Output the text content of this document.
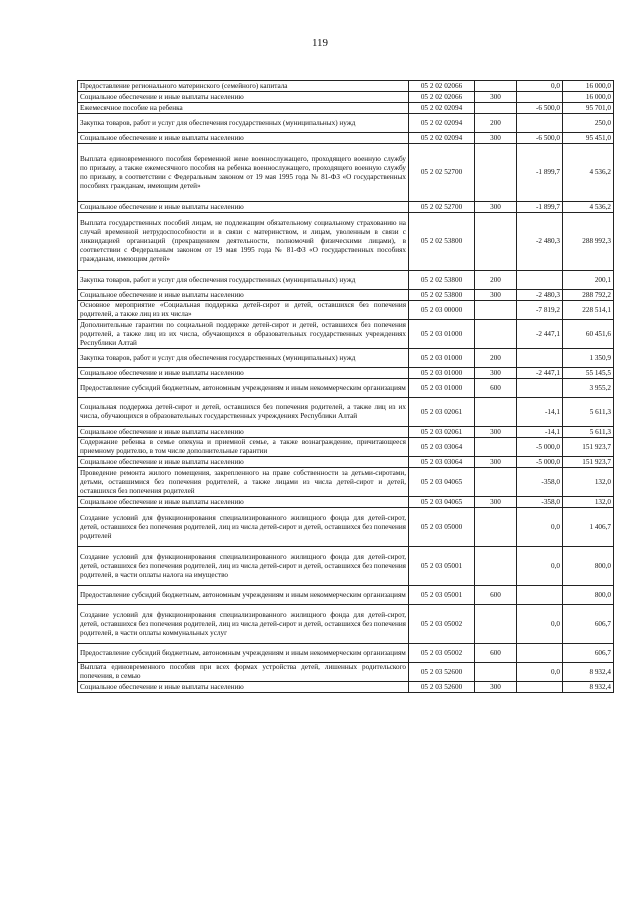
119
Предоставление регионального материнского (семейного) капитала	05 2 02 02066		0,0	16 000,0
Социальное обеспечение и иные выплаты населению	05 2 02 02066	300		16 000,0
Ежемесячное пособие на ребенка	05 2 02 02094		-6 500,0	95 701,0
Закупка товаров, работ и услуг для обеспечения государственных (муниципальных) нужд	05 2 02 02094	200		250,0
Социальное обеспечение и иные выплаты населению	05 2 02 02094	300	-6 500,0	95 451,0
Выплата единовременного пособия беременной жене военнослужащего, проходящего военную службу по призыву, а также ежемесячного пособия на ребенка военнослужащего, проходящего военную службу по призыву, в соответствии с Федеральным законом от 19 мая 1995 года № 81-ФЗ «О государственных пособиях гражданам, имеющим детей»	05 2 02 52700		-1 899,7	4 536,2
Социальное обеспечение и иные выплаты населению	05 2 02 52700	300	-1 899,7	4 536,2
Выплата государственных пособий лицам, не подлежащим обязательному социальному страхованию на случай временной нетрудоспособности и в связи с материнством, и лицам, уволенным в связи с ликвидацией организаций (прекращением деятельности, полномочий физическими лицами), в соответствии с Федеральным законом от 19 мая 1995 года № 81-ФЗ «О государственных пособиях гражданам, имеющим детей»	05 2 02 53800		-2 480,3	288 992,3
Закупка товаров, работ и услуг для обеспечения государственных (муниципальных) нужд	05 2 02 53800	200		200,1
Социальное обеспечение и иные выплаты населению	05 2 02 53800	300	-2 480,3	288 792,2
Основное мероприятие «Социальная поддержка детей-сирот и детей, оставшихся без попечения родителей, а также лиц из их числа»	05 2 03 00000		-7 819,2	228 514,1
Дополнительные гарантии по социальной поддержке детей-сирот и детей, оставшихся без попечения родителей, а также лиц из их числа, обучающихся в образовательных государственных учреждениях Республики Алтай	05 2 03 01000		-2 447,1	60 451,6
Закупка товаров, работ и услуг для обеспечения государственных (муниципальных) нужд	05 2 03 01000	200		1 350,9
Социальное обеспечение и иные выплаты населению	05 2 03 01000	300	-2 447,1	55 145,5
Предоставление субсидий бюджетным, автономным учреждениям и иным некоммерческим организациям	05 2 03 01000	600		3 955,2
Социальная поддержка детей-сирот и детей, оставшихся без попечения родителей, а также лиц из их числа, обучающихся в образовательных государственных учреждениях Республики Алтай	05 2 03 02061		-14,1	5 611,3
Социальное обеспечение и иные выплаты населению	05 2 03 02061	300	-14,1	5 611,3
Содержание ребенка в семье опекуна и приемной семье, а также вознаграждение, причитающееся приемному родителю, в том числе дополнительные гарантии	05 2 03 03064		-5 000,0	151 923,7
Социальное обеспечение и иные выплаты населению	05 2 03 03064	300	-5 000,0	151 923,7
Проведение ремонта жилого помещения, закрепленного на праве собственности за детьми-сиротами, детьми, оставшимися без попечения родителей, а также лицами из числа детей-сирот и детей, оставшихся без попечения родителей	05 2 03 04065		-358,0	132,0
Социальное обеспечение и иные выплаты населению	05 2 03 04065	300	-358,0	132,0
Создание условий для функционирования специализированного жилищного фонда для детей-сирот, детей, оставшихся без попечения родителей, лиц из числа детей-сирот и детей, оставшихся без попечения родителей	05 2 03 05000		0,0	1 406,7
Создание условий для функционирования специализированного жилищного фонда для детей-сирот, детей, оставшихся без попечения родителей, лиц из числа детей-сирот и детей, оставшихся без попечения родителей, в части оплаты налога на имущество	05 2 03 05001		0,0	800,0
Предоставление субсидий бюджетным, автономным учреждениям и иным некоммерческим организациям	05 2 03 05001	600		800,0
Создание условий для функционирования специализированного жилищного фонда для детей-сирот, детей, оставшихся без попечения родителей, лиц из числа детей-сирот и детей, оставшихся без попечения родителей, в части оплаты коммунальных услуг	05 2 03 05002		0,0	606,7
Предоставление субсидий бюджетным, автономным учреждениям и иным некоммерческим организациям	05 2 03 05002	600		606,7
Выплата единовременного пособия при всех формах устройства детей, лишенных родительского попечения, в семью	05 2 03 52600		0,0	8 932,4
Социальное обеспечение и иные выплаты населению	05 2 03 52600	300		8 932,4
